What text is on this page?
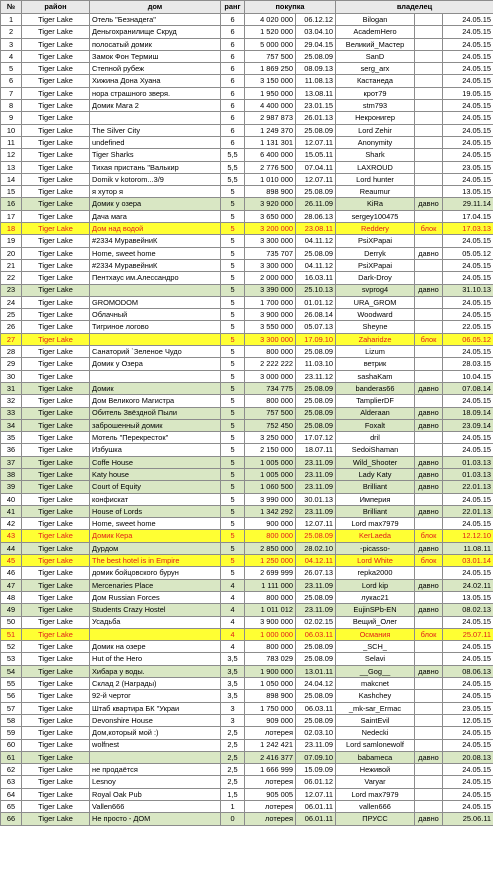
№	район	дом	ранг	покупка		владелец		
1	Tiger Lake	Отель "Безнадега"	6	4 020 000	06.12.12	Bilogan		24.05.15
2	Tiger Lake	Деньгохранилище Скруд	6	1 520 000	03.04.10	AcademHero		24.05.15
3	Tiger Lake	полосатый домик	6	5 000 000	29.04.15	Великий_Мастер		24.05.15
4	Tiger Lake	Замок Фон Термиш	6	757 500	25.08.09	SanD		24.05.15
5	Tiger Lake	Степной рубеж	6	1 869 250	08.09.13	serg_arx		24.05.15
6	Tiger Lake	Хижина Дона Хуана	6	3 150 000	11.08.13	Кастанеда		24.05.15
7	Tiger Lake	нора страшного зверя.	6	1 950 000	13.08.11	крот79		19.05.15
8	Tiger Lake	Домик Мага 2	6	4 400 000	23.01.15	stm793		24.05.15
9	Tiger Lake		6	2 987 873	26.01.13	Некронигер		24.05.15
10	Tiger Lake	The Silver City	6	1 249 370	25.08.09	Lord Zehir		24.05.15
11	Tiger Lake	undefined	6	1 131 301	12.07.11	Anonymity		24.05.15
12	Tiger Lake	Tiger Sharks	5,5	6 400 000	15.05.11	Shark		24.05.15
13	Tiger Lake	Тихая пристань "Валькир	5,5	2 776 500	07.04.11	LAXROUD		23.05.15
14	Tiger Lake	Domik v kotorom...3/9	5,5	1 010 000	12.07.11	Lord hunter		24.05.15
15	Tiger Lake	я хутор я	5	898 900	25.08.09	Reaumur		13.05.15
16	Tiger Lake	Домик у озера	5	3 920 000	26.11.09	KiRa	давно	29.11.14
17	Tiger Lake	Дача мага	5	3 650 000	28.06.13	sergey100475		17.04.15
18	Tiger Lake	Дом над водой	5	3 200 000	23.08.11	Reddery	блок	17.03.13
19	Tiger Lake	#2334 МуравейниК	5	3 300 000	04.11.12	PsiXPapai		24.05.15
20	Tiger Lake	Home, sweet home	5	735 707	25.08.09	Derryk	давно	05.05.12
21	Tiger Lake	#2334 МуравейниК	5	3 300 000	04.11.12	PsiXPapai		24.05.15
22	Tiger Lake	Пентхаус им.Алессандро	5	2 000 000	16.03.11	Dark-Droy		24.05.15
23	Tiger Lake		5	3 390 000	25.10.13	svprog4	давно	31.10.13
24	Tiger Lake	GROMODOM	5	1 700 000	01.01.12	URA_GROM		24.05.15
25	Tiger Lake	Облачный	5	3 900 000	26.08.14	Woodward		24.05.15
26	Tiger Lake	Тигриное логово	5	3 550 000	05.07.13	Sheyne		22.05.15
27	Tiger Lake		5	3 300 000	17.09.10	Zaharidze	блок	06.05.12
28	Tiger Lake	Санаторий `Зеленое Чудо	5	800 000	25.08.09	Lizum		24.05.15
29	Tiger Lake	Домик у Озера	5	2 222 222	11.03.10	ветрик		28.03.15
30	Tiger Lake		5	3 000 000	23.11.12	sashaKam		10.04.15
31	Tiger Lake	Домик	5	734 775	25.08.09	banderas66	давно	07.08.14
32	Tiger Lake	Дом Великого Магистра	5	800 000	25.08.09	TamplierDF		24.05.15
33	Tiger Lake	Обитель Звёздной Пыли	5	757 500	25.08.09	Alderaan	давно	18.09.14
34	Tiger Lake	заброшенный домик	5	752 450	25.08.09	Foxalt	давно	23.09.14
35	Tiger Lake	Мотель "Перекресток"	5	3 250 000	17.07.12	dril		24.05.15
36	Tiger Lake	Избушка	5	2 150 000	18.07.11	SedoiShaman		24.05.15
37	Tiger Lake	Coffe House	5	1 005 000	23.11.09	Wild_Shooter	давно	01.03.13
38	Tiger Lake	Katy house	5	1 005 000	23.11.09	Lady Katy	давно	01.03.13
39	Tiger Lake	Court of Equity	5	1 060 500	23.11.09	Brilliant	давно	22.01.13
40	Tiger Lake	конфискат	5	3 990 000	30.01.13	Империя		24.05.15
41	Tiger Lake	House of Lords	5	1 342 292	23.11.09	Brilliant	давно	22.01.13
42	Tiger Lake	Home, sweet home	5	900 000	12.07.11	Lord max7979		24.05.15
43	Tiger Lake	Домик Кера	5	800 000	25.08.09	KerLaeda	блок	12.12.10
44	Tiger Lake	Дурдом	5	2 850 000	28.02.10	-picasso-	давно	11.08.11
45	Tiger Lake	The best hotel is in Empire	5	1 250 000	04.12.11	Lord White	блок	03.01.14
46	Tiger Lake	домик бойцовского бурун	5	2 699 999	26.07.13	repka2000		24.05.15
47	Tiger Lake	Mercenaries Place	4	1 111 000	23.11.09	Lord kip	давно	24.02.11
48	Tiger Lake	Дом Russian Forces	4	800 000	25.08.09	лукас21		13.05.15
49	Tiger Lake	Students Crazy Hostel	4	1 011 012	23.11.09	EujinSPb-EN	давно	08.02.13
50	Tiger Lake	Усадьба	4	3 900 000	02.02.15	Вещий_Олег		24.05.15
51	Tiger Lake		4	1 000 000	06.03.11	Османия	блок	25.07.11
52	Tiger Lake	Домик на озере	4	800 000	25.08.09	_SCH_		24.05.15
53	Tiger Lake	Hut of the Hero	3,5	783 029	25.08.09	Selavi		24.05.15
54	Tiger Lake	Хибара у воды.	3,5	1 900 000	13.01.11	__Gog__	давно	08.06.13
55	Tiger Lake	Склад 2 (Награды)	3,5	1 050 000	24.04.12	makcnet		24.05.15
56	Tiger Lake	92-й чертог	3,5	898 900	25.08.09	Kashchey		24.05.15
57	Tiger Lake	Штаб квартира БК "Украи	3	1 750 000	06.03.11	_mk-sar_Ermac		23.05.15
58	Tiger Lake	Devonshire House	3	909 000	25.08.09	SaintEvil		12.05.15
59	Tiger Lake	Дом,который мой :)	2,5	лотерея	02.03.10	Nedecki		24.05.15
60	Tiger Lake	wolfnest	2,5	1 242 421	23.11.09	Lord samlonewolf		24.05.15
61	Tiger Lake		2,5	2 416 377	07.09.10	babameca	давно	20.08.13
62	Tiger Lake	не продаётся	2,5	1 666 999	15.09.09	Неживой		24.05.15
63	Tiger Lake	Lesnoy	2,5	лотерея	06.01.12	Varyar		24.05.15
64	Tiger Lake	Royal Oak Pub	1,5	905 005	12.07.11	Lord max7979		24.05.15
65	Tiger Lake	Vallen666	1	лотерея	06.01.11	vallen666		24.05.15
66	Tiger Lake	Не просто - ДОМ	0	лотерея	06.01.11	ПРУСС	давно	25.06.11
